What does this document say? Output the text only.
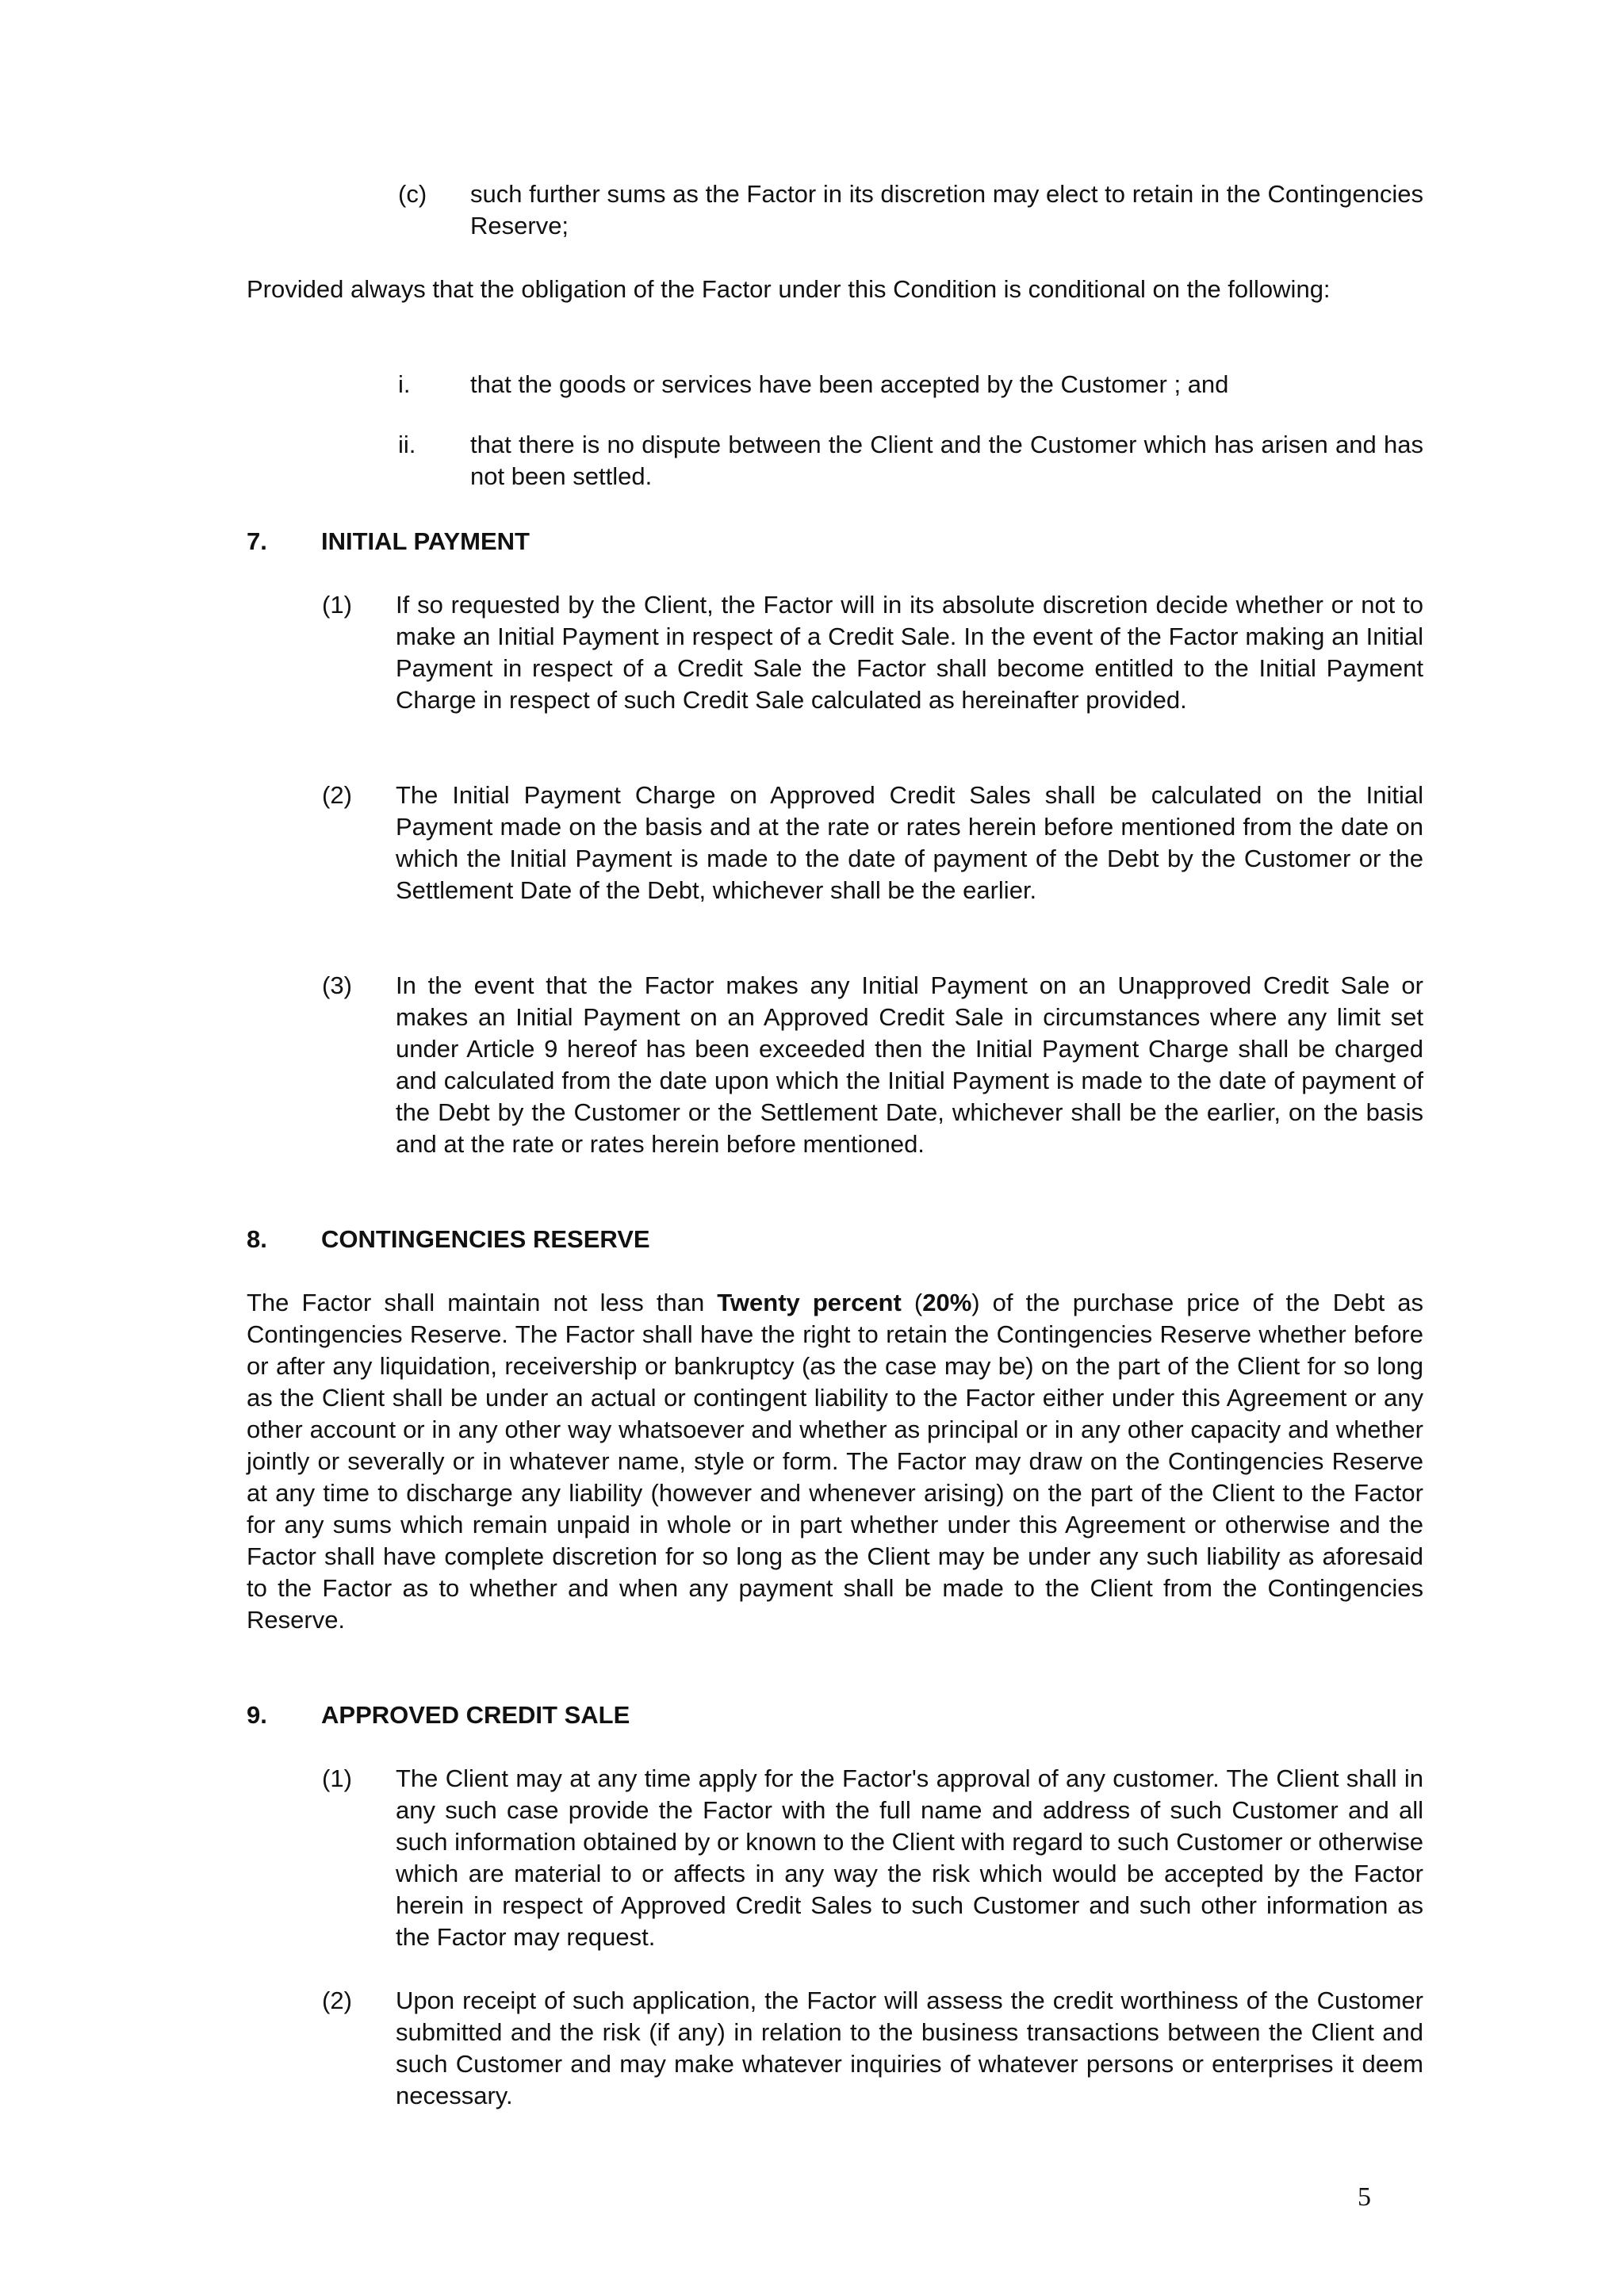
(c) such further sums as the Factor in its discretion may elect to retain in the Contingencies Reserve;

Provided always that the obligation of the Factor under this Condition is conditional on the following:

i. that the goods or services have been accepted by the Customer ; and

ii. that there is no dispute between the Client and the Customer which has arisen and has not been settled.

7. INITIAL PAYMENT
(1) If so requested by the Client, the Factor will in its absolute discretion decide whether or not to make an Initial Payment in respect of a Credit Sale. In the event of the Factor making an Initial Payment in respect of a Credit Sale the Factor shall become entitled to the Initial Payment Charge in respect of such Credit Sale calculated as hereinafter provided.

(2) The Initial Payment Charge on Approved Credit Sales shall be calculated on the Initial Payment made on the basis and at the rate or rates herein before mentioned from the date on which the Initial Payment is made to the date of payment of the Debt by the Customer or the Settlement Date of the Debt, whichever shall be the earlier.

(3) In the event that the Factor makes any Initial Payment on an Unapproved Credit Sale or makes an Initial Payment on an Approved Credit Sale in circumstances where any limit set under Article 9 hereof has been exceeded then the Initial Payment Charge shall be charged and calculated from the date upon which the Initial Payment is made to the date of payment of the Debt by the Customer or the Settlement Date, whichever shall be the earlier, on the basis and at the rate or rates herein before mentioned.

8. CONTINGENCIES RESERVE

The Factor shall maintain not less than Twenty percent (20%) of the purchase price of the Debt as Contingencies Reserve. The Factor shall have the right to retain the Contingencies Reserve whether before or after any liquidation, receivership or bankruptcy (as the case may be) on the part of the Client for so long as the Client shall be under an actual or contingent liability to the Factor either under this Agreement or any other account or in any other way whatsoever and whether as principal or in any other capacity and whether jointly or severally or in whatever name, style or form. The Factor may draw on the Contingencies Reserve at any time to discharge any liability (however and whenever arising) on the part of the Client to the Factor for any sums which remain unpaid in whole or in part whether under this Agreement or otherwise and the Factor shall have complete discretion for so long as the Client may be under any such liability as aforesaid to the Factor as to whether and when any payment shall be made to the Client from the Contingencies Reserve.

9. APPROVED CREDIT SALE
(1) The Client may at any time apply for the Factor's approval of any customer. The Client shall in any such case provide the Factor with the full name and address of such Customer and all such information obtained by or known to the Client with regard to such Customer or otherwise which are material to or affects in any way the risk which would be accepted by the Factor herein in respect of Approved Credit Sales to such Customer and such other information as the Factor may request.

(2) Upon receipt of such application, the Factor will assess the credit worthiness of the Customer submitted and the risk (if any) in relation to the business transactions between the Client and such Customer and may make whatever inquiries of whatever persons or enterprises it deem necessary.

5
